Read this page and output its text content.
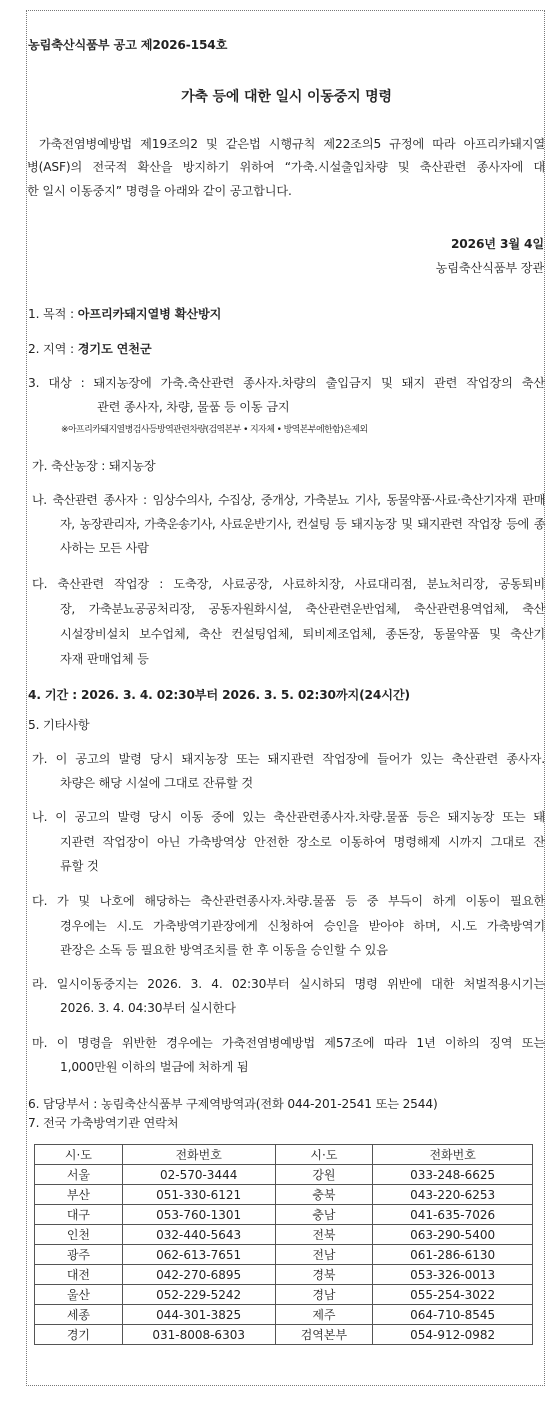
농림축산식품부 공고 제2026-154호
가축 등에 대한 일시 이동중지 명령
가축전염병예방법 제19조의2 및 같은법 시행규칙 제22조의5 규정에 따라 아프리카돼지열
병(ASF)의 전국적 확산을 방지하기 위하여 “가축.시설출입차량 및 축산관련 종사자에 대
한 일시 이동중지” 명령을 아래와 같이 공고합니다.
2026년 3월 4일
농림축산식품부 장관
1. 목적 : 아프리카돼지열병 확산방지
2. 지역 : 경기도 연천군
3. 대상 : 돼지농장에 가축.축산관련 종사자.차량의 출입금지 및 돼지 관련 작업장의 축산
관련 종사자, 차량, 물품 등 이동 금지
※아프리카돼지열병검사등방역관련차량(검역본부 • 지자체 • 방역본부에한함)은제외
가. 축산농장 : 돼지농장
나. 축산관련 종사자 : 임상수의사, 수집상, 중개상, 가축분뇨 기사, 동물약품·사료·축산기자재 판매
자, 농장관리자, 가축운송기사, 사료운반기사, 컨설팅 등 돼지농장 및 돼지관련 작업장 등에 종
사하는 모든 사람
다. 축산관련 작업장 : 도축장, 사료공장, 사료하치장, 사료대리점, 분뇨처리장, 공동퇴비
장, 가축분뇨공공처리장, 공동자원화시설, 축산관련운반업체, 축산관련용역업체, 축산
시설장비설치 보수업체, 축산 컨설팅업체, 퇴비제조업체, 종돈장, 동물약품 및 축산기
자재 판매업체 등
4. 기간 : 2026. 3. 4. 02:30부터 2026. 3. 5. 02:30까지(24시간)
5. 기타사항
가. 이 공고의 발령 당시 돼지농장 또는 돼지관련 작업장에 들어가 있는 축산관련 종사자.
차량은 해당 시설에 그대로 잔류할 것
나. 이 공고의 발령 당시 이동 중에 있는 축산관련종사자.차량.물품 등은 돼지농장 또는 돼
지관련 작업장이 아닌 가축방역상 안전한 장소로 이동하여 명령해제 시까지 그대로 잔
류할 것
다. 가 및 나호에 해당하는 축산관련종사자.차량.물품 등 중 부득이 하게 이동이 필요한
경우에는 시.도 가축방역기관장에게 신청하여 승인을 받아야 하며, 시.도 가축방역기
관장은 소독 등 필요한 방역조치를 한 후 이동을 승인할 수 있음
라. 일시이동중지는 2026. 3. 4. 02:30부터 실시하되 명령 위반에 대한 처벌적용시기는
2026. 3. 4. 04:30부터 실시한다
마. 이 명령을 위반한 경우에는 가축전염병예방법 제57조에 따라 1년 이하의 징역 또는
1,000만원 이하의 벌금에 처하게 됨
6. 담당부서 : 농림축산식품부 구제역방역과(전화 044-201-2541 또는 2544)
7. 전국 가축방역기관 연락처
시·도	전화번호	시·도	전화번호
서울	02-570-3444	강원	033-248-6625
부산	051-330-6121	충북	043-220-6253
대구	053-760-1301	충남	041-635-7026
인천	032-440-5643	전북	063-290-5400
광주	062-613-7651	전남	061-286-6130
대전	042-270-6895	경북	053-326-0013
울산	052-229-5242	경남	055-254-3022
세종	044-301-3825	제주	064-710-8545
경기	031-8008-6303	검역본부	054-912-0982
